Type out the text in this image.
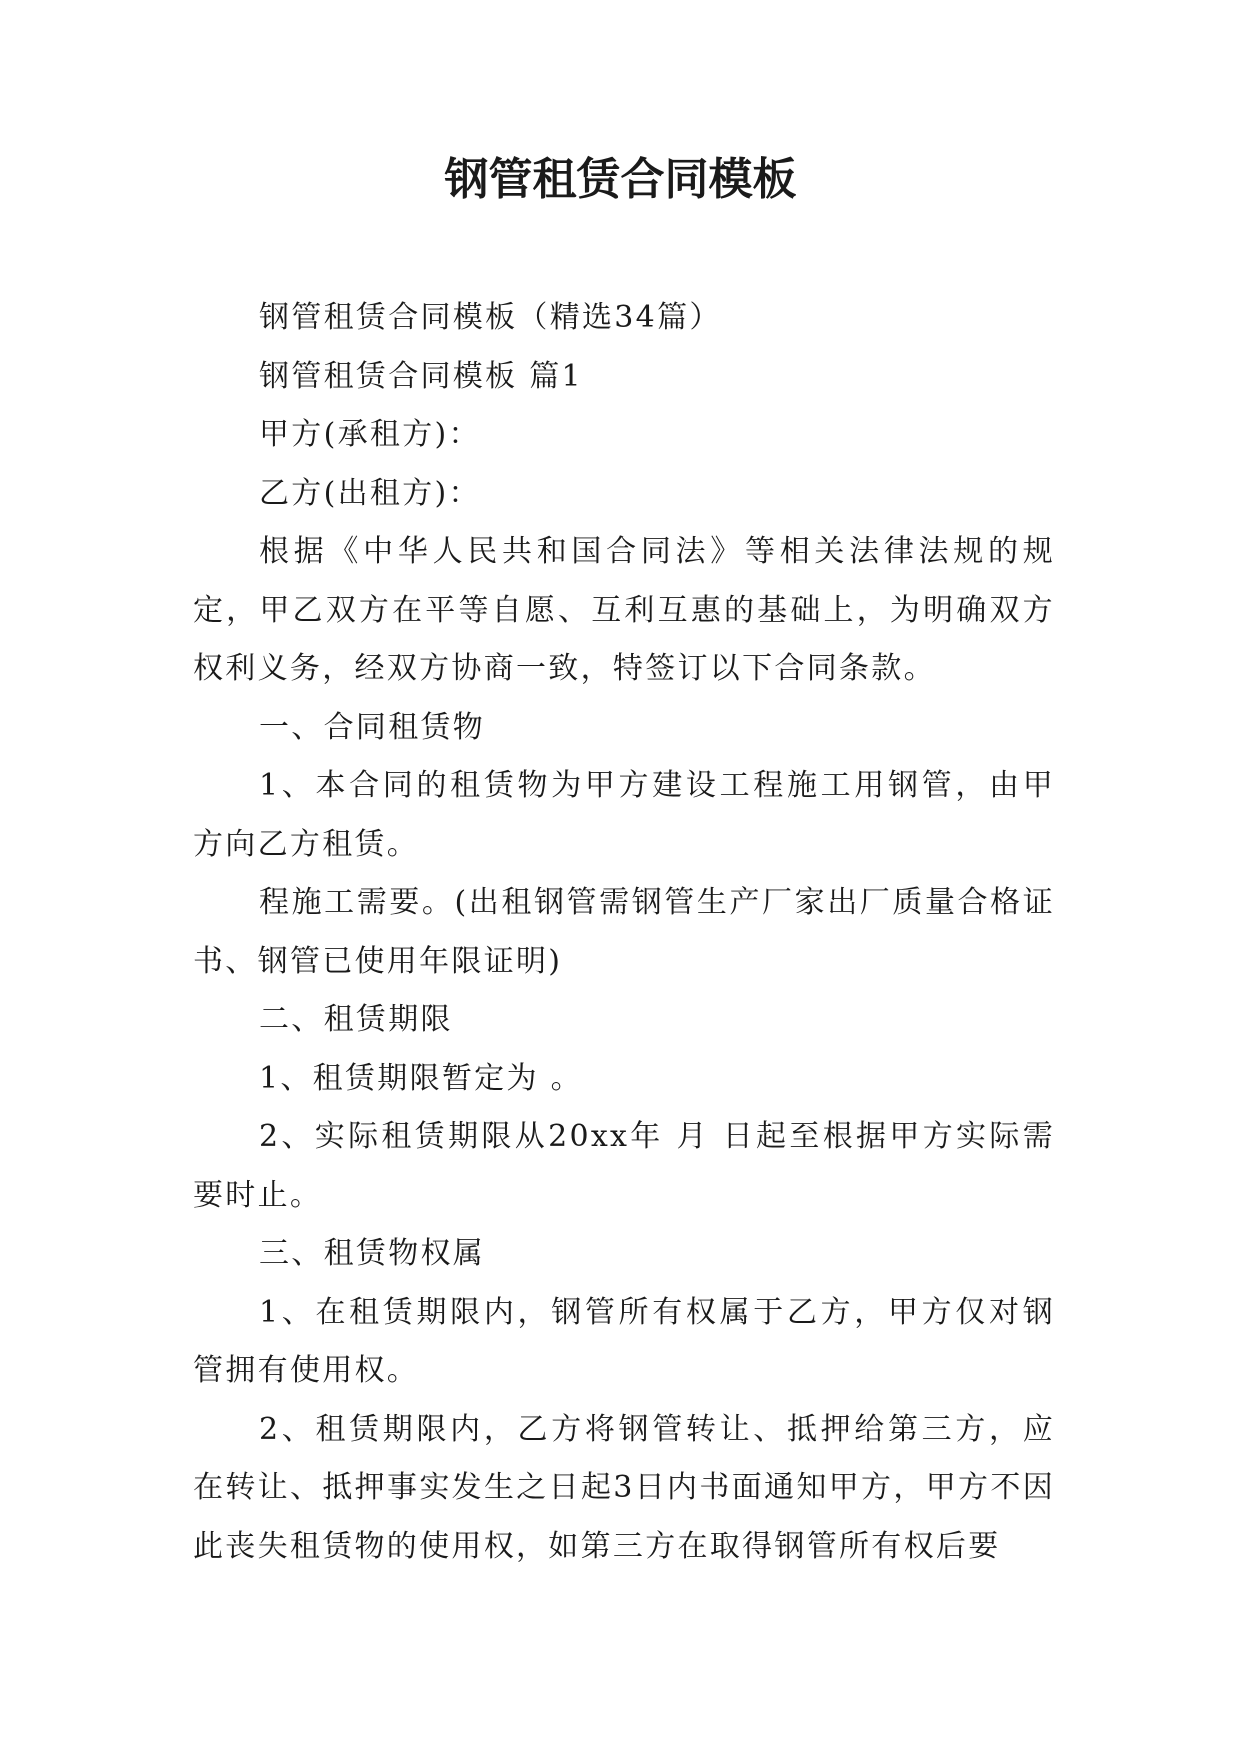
钢管租赁合同模板

钢管租赁合同模板（精选34篇）

钢管租赁合同模板 篇1

甲方(承租方)：

乙方(出租方)：

根据《中华人民共和国合同法》等相关法律法规的规定，甲乙双方在平等自愿、互利互惠的基础上，为明确双方权利义务，经双方协商一致，特签订以下合同条款。

一、合同租赁物

1、本合同的租赁物为甲方建设工程施工用钢管，由甲方向乙方租赁。

程施工需要。(出租钢管需钢管生产厂家出厂质量合格证书、钢管已使用年限证明)

二、租赁期限

1、租赁期限暂定为 。

2、实际租赁期限从20xx年 月 日起至根据甲方实际需要时止。

三、租赁物权属

1、在租赁期限内，钢管所有权属于乙方，甲方仅对钢管拥有使用权。

2、租赁期限内，乙方将钢管转让、抵押给第三方，应在转让、抵押事实发生之日起3日内书面通知甲方，甲方不因此丧失租赁物的使用权，如第三方在取得钢管所有权后要
